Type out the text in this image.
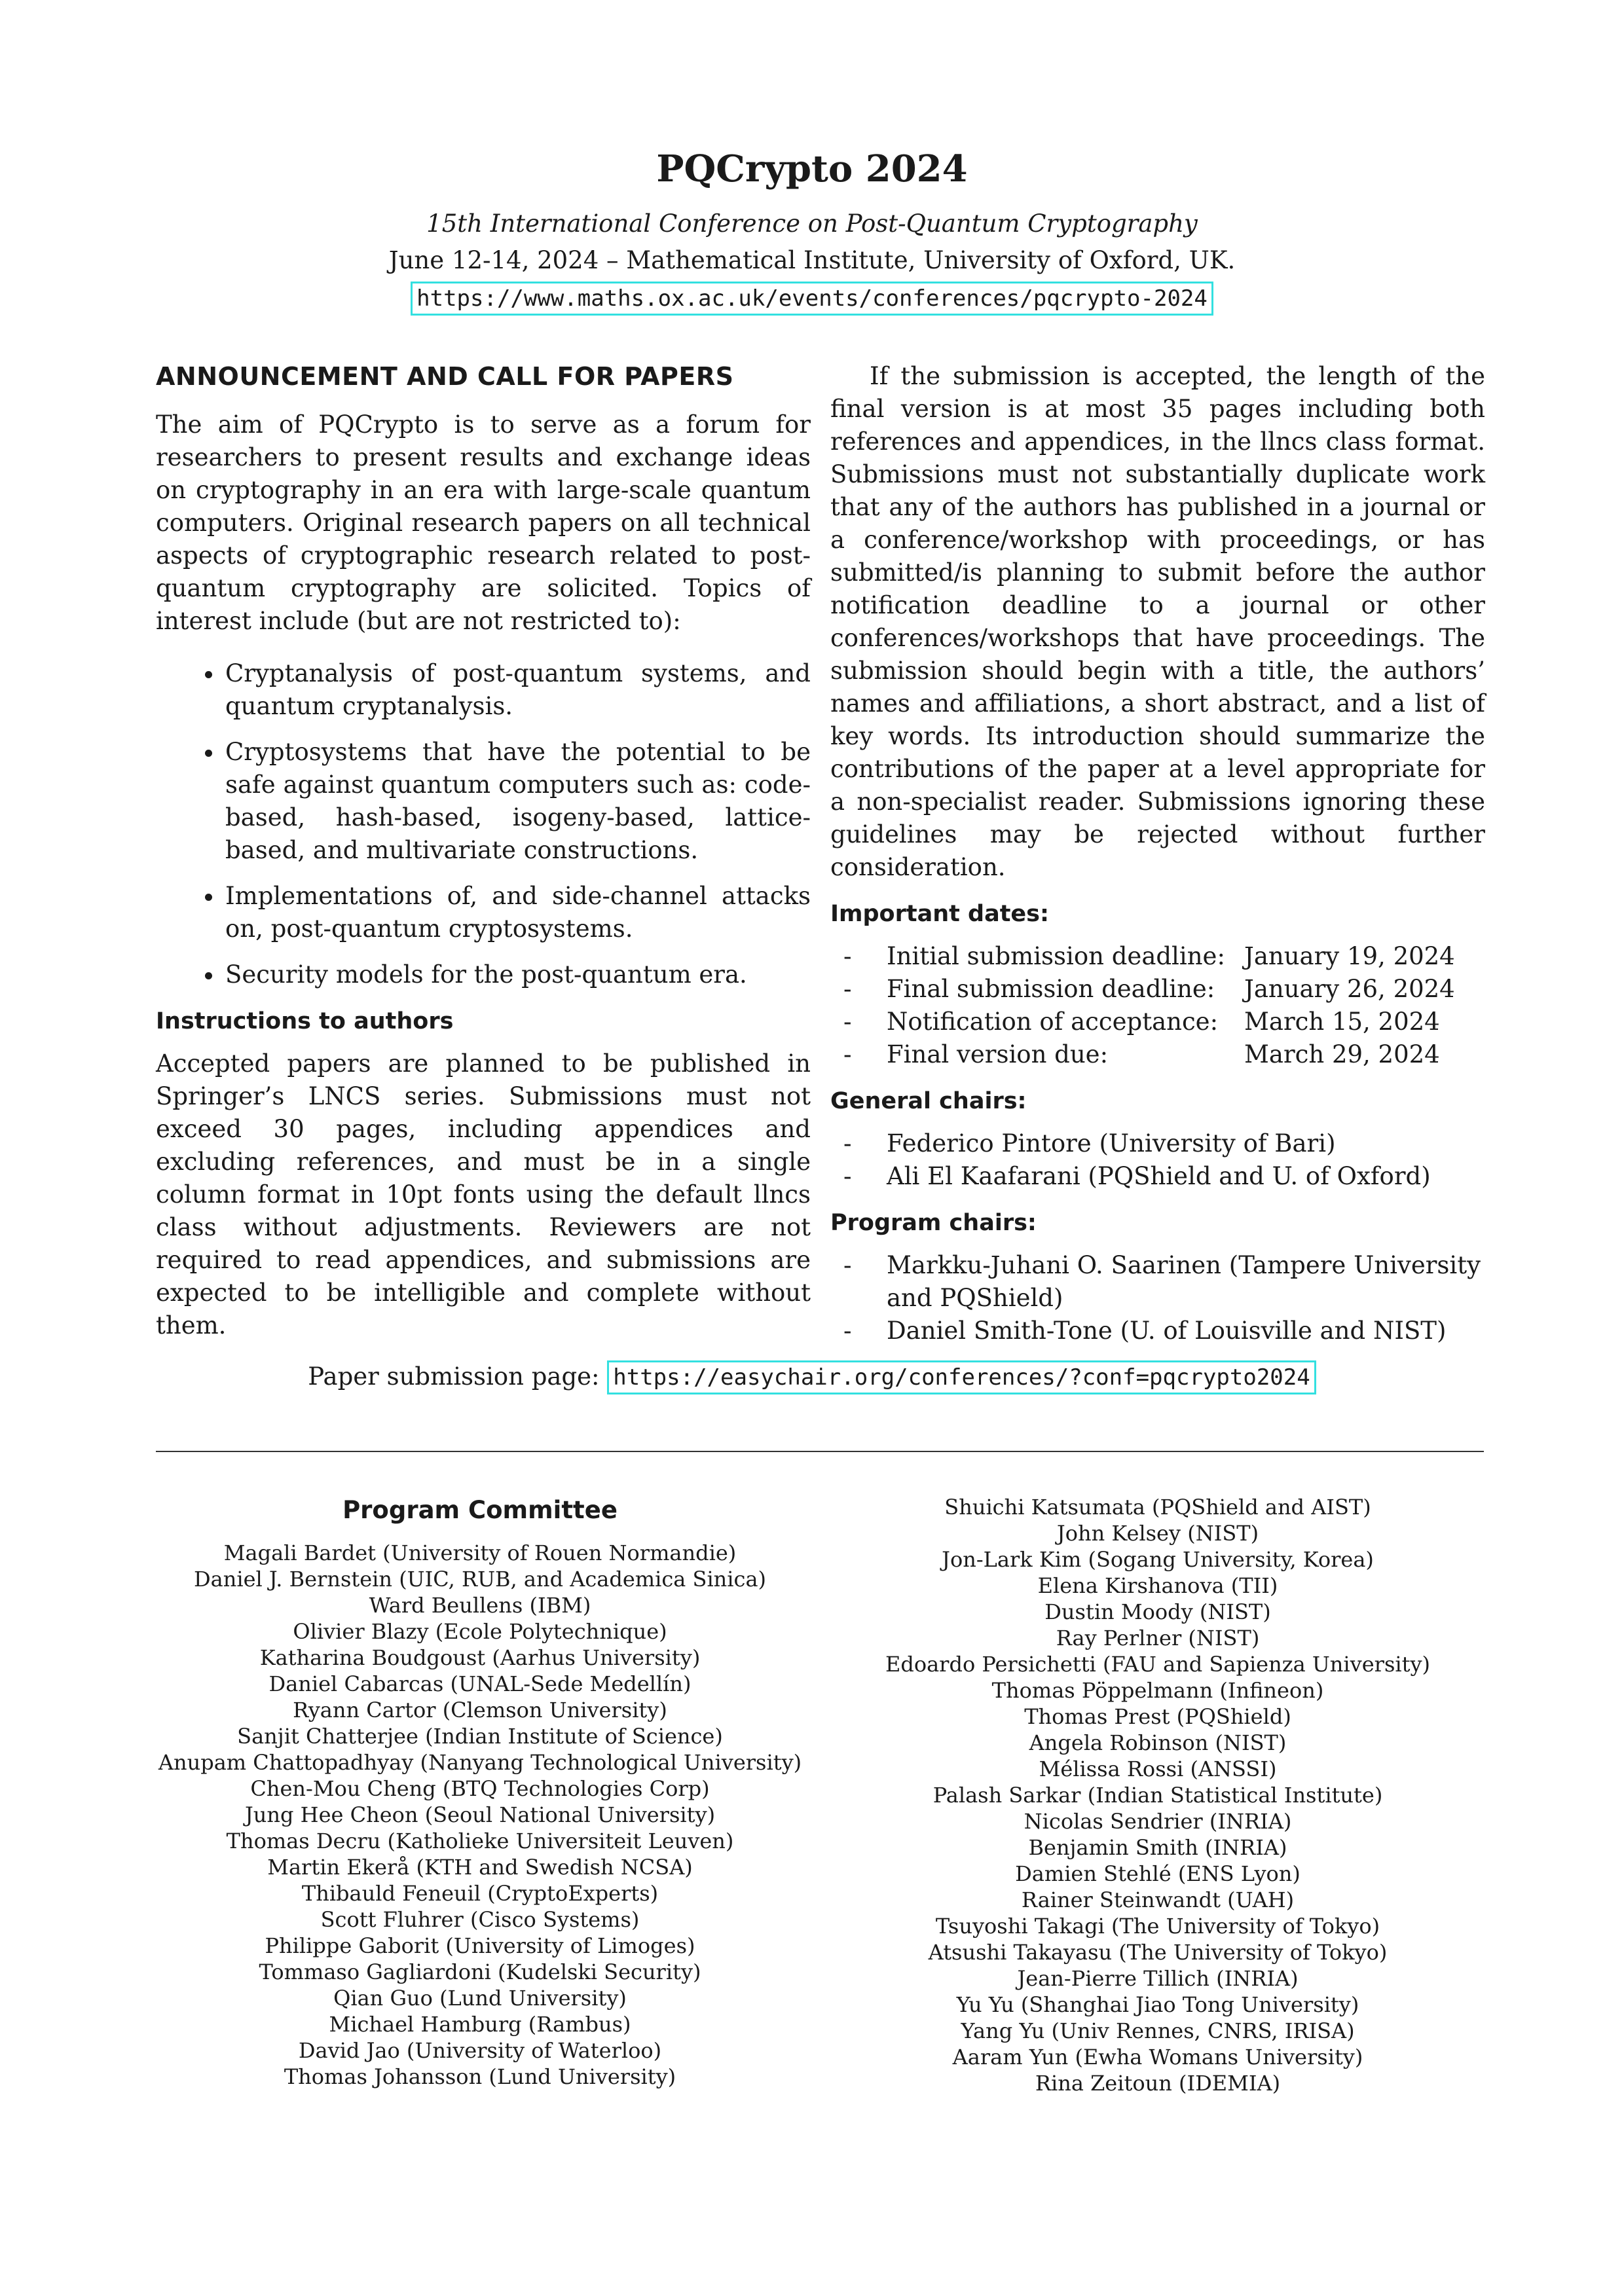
PQCrypto 2024
15th International Conference on Post-Quantum Cryptography
June 12-14, 2024 – Mathematical Institute, University of Oxford, UK.
https://www.maths.ox.ac.uk/events/conferences/pqcrypto-2024
ANNOUNCEMENT AND CALL FOR PAPERS

The aim of PQCrypto is to serve as a forum for researchers to present results and exchange ideas on cryptography in an era with large-scale quantum computers. Original research papers on all technical aspects of cryptographic research related to post-quantum cryptography are solicited. Topics of interest include (but are not restricted to):

• Cryptanalysis of post-quantum systems, and quantum cryptanalysis.
• Cryptosystems that have the potential to be safe against quantum computers such as: code-based, hash-based, isogeny-based, lattice-based, and multivariate constructions.
• Implementations of, and side-channel attacks on, post-quantum cryptosystems.
• Security models for the post-quantum era.
Instructions to authors

Accepted papers are planned to be published in Springer’s LNCS series. Submissions must not exceed 30 pages, including appendices and excluding references, and must be in a single column format in 10pt fonts using the default llncs class without adjustments. Reviewers are not required to read appendices, and submissions are expected to be intelligible and complete without them.

If the submission is accepted, the length of the final version is at most 35 pages including both references and appendices, in the llncs class format. Submissions must not substantially duplicate work that any of the authors has published in a journal or a conference/workshop with proceedings, or has submitted/is planning to submit before the author notification deadline to a journal or other conferences/workshops that have proceedings. The submission should begin with a title, the authors’ names and affiliations, a short abstract, and a list of key words. Its introduction should summarize the contributions of the paper at a level appropriate for a non-specialist reader. Submissions ignoring these guidelines may be rejected without further consideration.

Important dates:
-	Initial submission deadline:	January 19, 2024
-	Final submission deadline:	January 26, 2024
-	Notification of acceptance:	March 15, 2024
-	Final version due:	March 29, 2024
General chairs:
- Federico Pintore (University of Bari)
- Ali El Kaafarani (PQShield and U. of Oxford)
Program chairs:
- Markku-Juhani O. Saarinen (Tampere University and PQShield)
- Daniel Smith-Tone (U. of Louisville and NIST)
Paper submission page: https://easychair.org/conferences/?conf=pqcrypto2024
Program Committee
Magali Bardet (University of Rouen Normandie)
Daniel J. Bernstein (UIC, RUB, and Academica Sinica)
Ward Beullens (IBM)
Olivier Blazy (Ecole Polytechnique)
Katharina Boudgoust (Aarhus University)
Daniel Cabarcas (UNAL-Sede Medellín)
Ryann Cartor (Clemson University)
Sanjit Chatterjee (Indian Institute of Science)
Anupam Chattopadhyay (Nanyang Technological University)
Chen-Mou Cheng (BTQ Technologies Corp)
Jung Hee Cheon (Seoul National University)
Thomas Decru (Katholieke Universiteit Leuven)
Martin Ekerå (KTH and Swedish NCSA)
Thibauld Feneuil (CryptoExperts)
Scott Fluhrer (Cisco Systems)
Philippe Gaborit (University of Limoges)
Tommaso Gagliardoni (Kudelski Security)
Qian Guo (Lund University)
Michael Hamburg (Rambus)
David Jao (University of Waterloo)
Thomas Johansson (Lund University)
Shuichi Katsumata (PQShield and AIST)
John Kelsey (NIST)
Jon-Lark Kim (Sogang University, Korea)
Elena Kirshanova (TII)
Dustin Moody (NIST)
Ray Perlner (NIST)
Edoardo Persichetti (FAU and Sapienza University)
Thomas Pöppelmann (Infineon)
Thomas Prest (PQShield)
Angela Robinson (NIST)
Mélissa Rossi (ANSSI)
Palash Sarkar (Indian Statistical Institute)
Nicolas Sendrier (INRIA)
Benjamin Smith (INRIA)
Damien Stehlé (ENS Lyon)
Rainer Steinwandt (UAH)
Tsuyoshi Takagi (The University of Tokyo)
Atsushi Takayasu (The University of Tokyo)
Jean-Pierre Tillich (INRIA)
Yu Yu (Shanghai Jiao Tong University)
Yang Yu (Univ Rennes, CNRS, IRISA)
Aaram Yun (Ewha Womans University)
Rina Zeitoun (IDEMIA)
